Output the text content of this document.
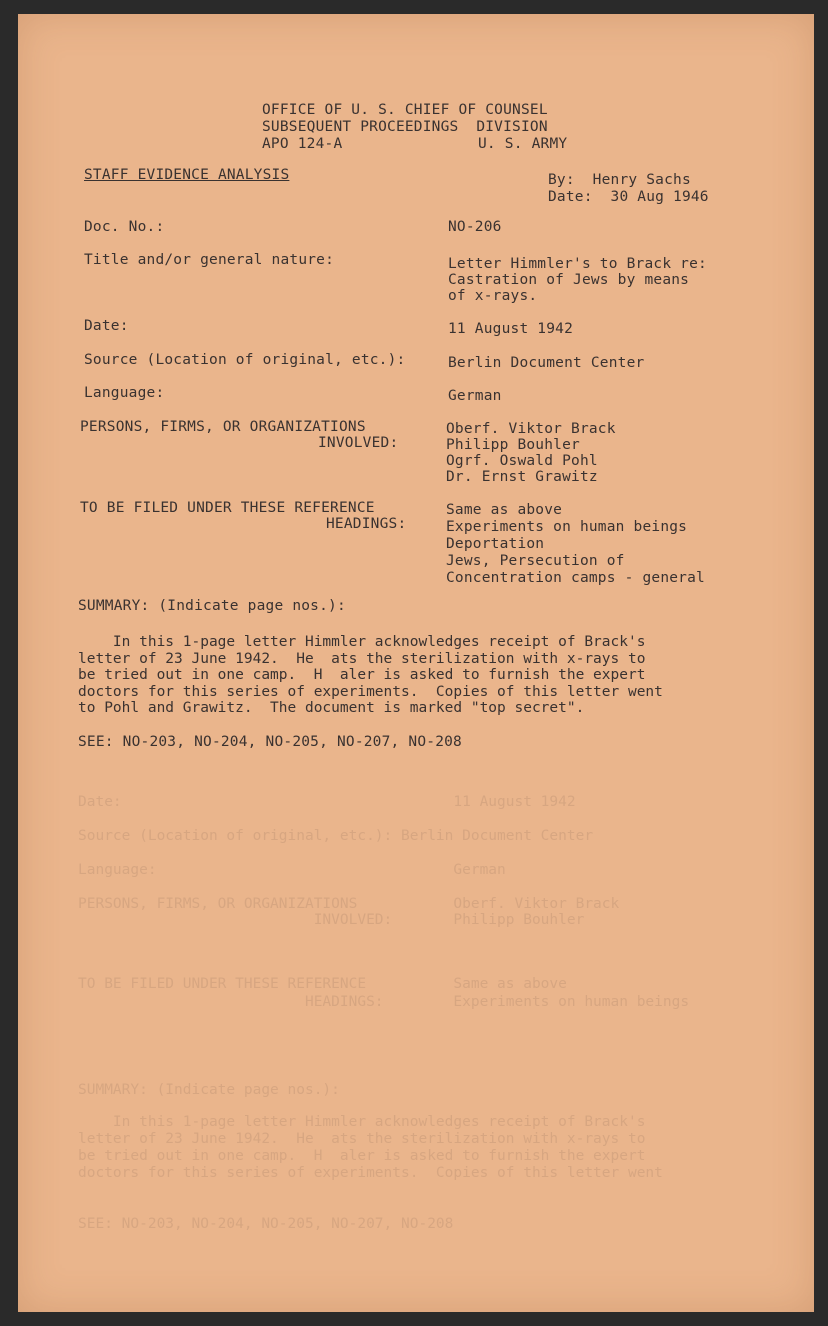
OFFICE OF U. S. CHIEF OF COUNSEL
SUBSEQUENT PROCEEDINGS  DIVISION
APO 124-A	U. S. ARMY
STAFF EVIDENCE ANALYSIS	By:  Henry Sachs
Date:  30 Aug 1946
Doc. No.:	NO-206
Title and/or general nature:	Letter Himmler's to Brack re:
Castration of Jews by means
of x-rays.
Date:	11 August 1942
Source (Location of original, etc.):	Berlin Document Center
Language:	German
PERSONS, FIRMS, OR ORGANIZATIONS
INVOLVED:
Oberf. Viktor Brack
Philipp Bouhler
Ogrf. Oswald Pohl
Dr. Ernst Grawitz
TO BE FILED UNDER THESE REFERENCE
HEADINGS:
Same as above
Experiments on human beings
Deportation
Jews, Persecution of
Concentration camps - general
SUMMARY: (Indicate page nos.):
In this 1-page letter Himmler acknowledges receipt of Brack's
letter of 23 June 1942.  He  ats the sterilization with x-rays to
be tried out in one camp.  H  aler is asked to furnish the expert
doctors for this series of experiments.  Copies of this letter went
to Pohl and Grawitz.  The document is marked "top secret".
SEE: NO-203, NO-204, NO-205, NO-207, NO-208
Date:                                      11 August 1942
Source (Location of original, etc.): Berlin Document Center
Language:                                  German
PERSONS, FIRMS, OR ORGANIZATIONS           Oberf. Viktor Brack
INVOLVED:       Philipp Bouhler
TO BE FILED UNDER THESE REFERENCE          Same as above
HEADINGS:        Experiments on human beings
SUMMARY: (Indicate page nos.):
In this 1-page letter Himmler acknowledges receipt of Brack's
letter of 23 June 1942.  He  ats the sterilization with x-rays to
be tried out in one camp.  H  aler is asked to furnish the expert
doctors for this series of experiments.  Copies of this letter went
SEE: NO-203, NO-204, NO-205, NO-207, NO-208
